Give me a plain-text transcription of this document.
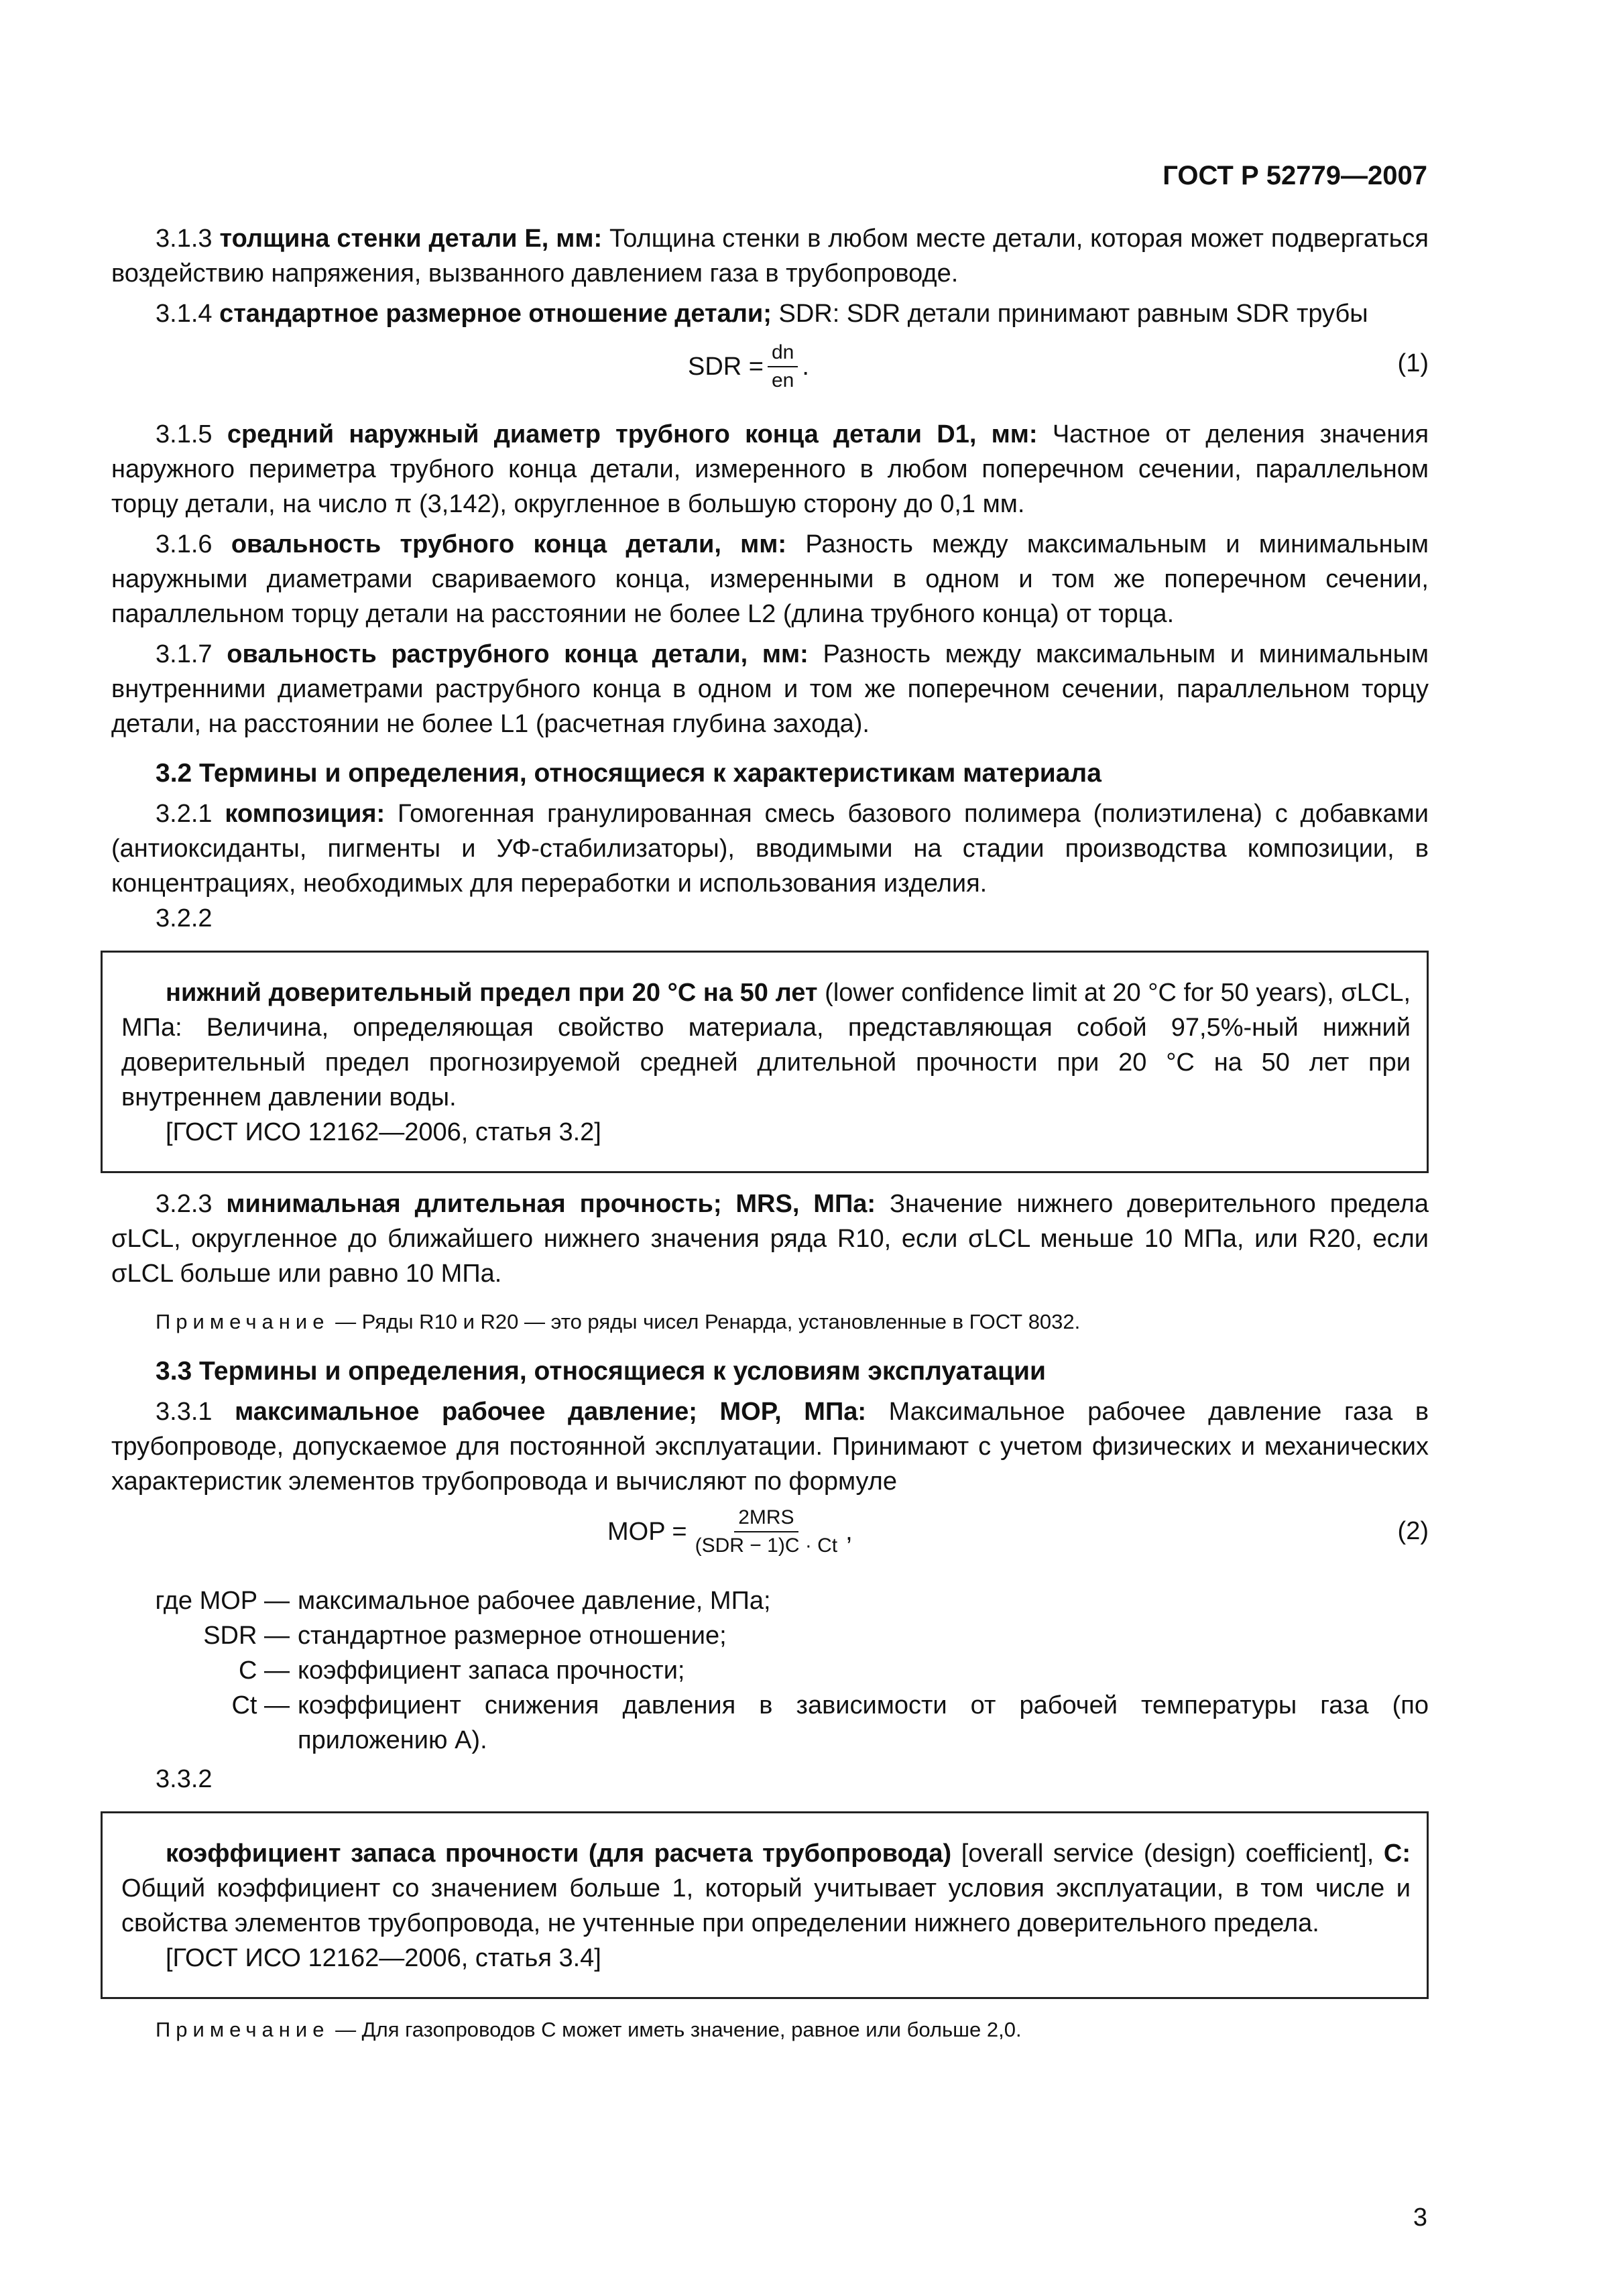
ГОСТ Р 52779—2007

3.1.3 толщина стенки детали E, мм: Толщина стенки в любом месте детали, которая может подвергаться воздействию напряжения, вызванного давлением газа в трубопроводе.

3.1.4 стандартное размерное отношение детали; SDR: SDR детали принимают равным SDR трубы

SDR = $\frac{dn}{en}$ .	(1)

3.1.5 средний наружный диаметр трубного конца детали D1, мм: Частное от деления значения наружного периметра трубного конца детали, измеренного в любом поперечном сечении, параллельном торцу детали, на число π (3,142), округленное в большую сторону до 0,1 мм.

3.1.6 овальность трубного конца детали, мм: Разность между максимальным и минимальным наружными диаметрами свариваемого конца, измеренными в одном и том же поперечном сечении, параллельном торцу детали на расстоянии не более L2 (длина трубного конца) от торца.

3.1.7 овальность раструбного конца детали, мм: Разность между максимальным и минимальным внутренними диаметрами раструбного конца в одном и том же поперечном сечении, параллельном торцу детали, на расстоянии не более L1 (расчетная глубина захода).

3.2 Термины и определения, относящиеся к характеристикам материала

3.2.1 композиция: Гомогенная гранулированная смесь базового полимера (полиэтилена) с добавками (антиоксиданты, пигменты и УФ-стабилизаторы), вводимыми на стадии производства композиции, в концентрациях, необходимых для переработки и использования изделия.

3.2.2

нижний доверительный предел при 20 °С на 50 лет (lower confidence limit at 20 °C for 50 years), σLCL, МПа: Величина, определяющая свойство материала, представляющая собой 97,5%-ный нижний доверительный предел прогнозируемой средней длительной прочности при 20 °С на 50 лет при внутреннем давлении воды.

[ГОСТ ИСО 12162—2006, статья 3.2]

3.2.3 минимальная длительная прочность; MRS, МПа: Значение нижнего доверительного предела σLCL, округленное до ближайшего нижнего значения ряда R10, если σLCL меньше 10 МПа, или R20, если σLCL больше или равно 10 МПа.

Примечание — Ряды R10 и R20 — это ряды чисел Ренарда, установленные в ГОСТ 8032.

3.3 Термины и определения, относящиеся к условиям эксплуатации

3.3.1 максимальное рабочее давление; MOP, МПа: Максимальное рабочее давление газа в трубопроводе, допускаемое для постоянной эксплуатации. Принимают с учетом физических и механических характеристик элементов трубопровода и вычисляют по формуле

MOP = $\frac{\text{2MRS}}{\text{(SDR − 1)C · Ct}}$ ,	(2)
где MOP — максимальное рабочее давление, МПа;
SDR — стандартное размерное отношение;
C — коэффициент запаса прочности;
Ct — коэффициент снижения давления в зависимости от рабочей температуры газа (по приложению А).

3.3.2

коэффициент запаса прочности (для расчета трубопровода) [overall service (design) coefficient], C: Общий коэффициент со значением больше 1, который учитывает условия эксплуатации, в том числе и свойства элементов трубопровода, не учтенные при определении нижнего доверительного предела.

[ГОСТ ИСО 12162—2006, статья 3.4]

Примечание — Для газопроводов C может иметь значение, равное или больше 2,0.

3
